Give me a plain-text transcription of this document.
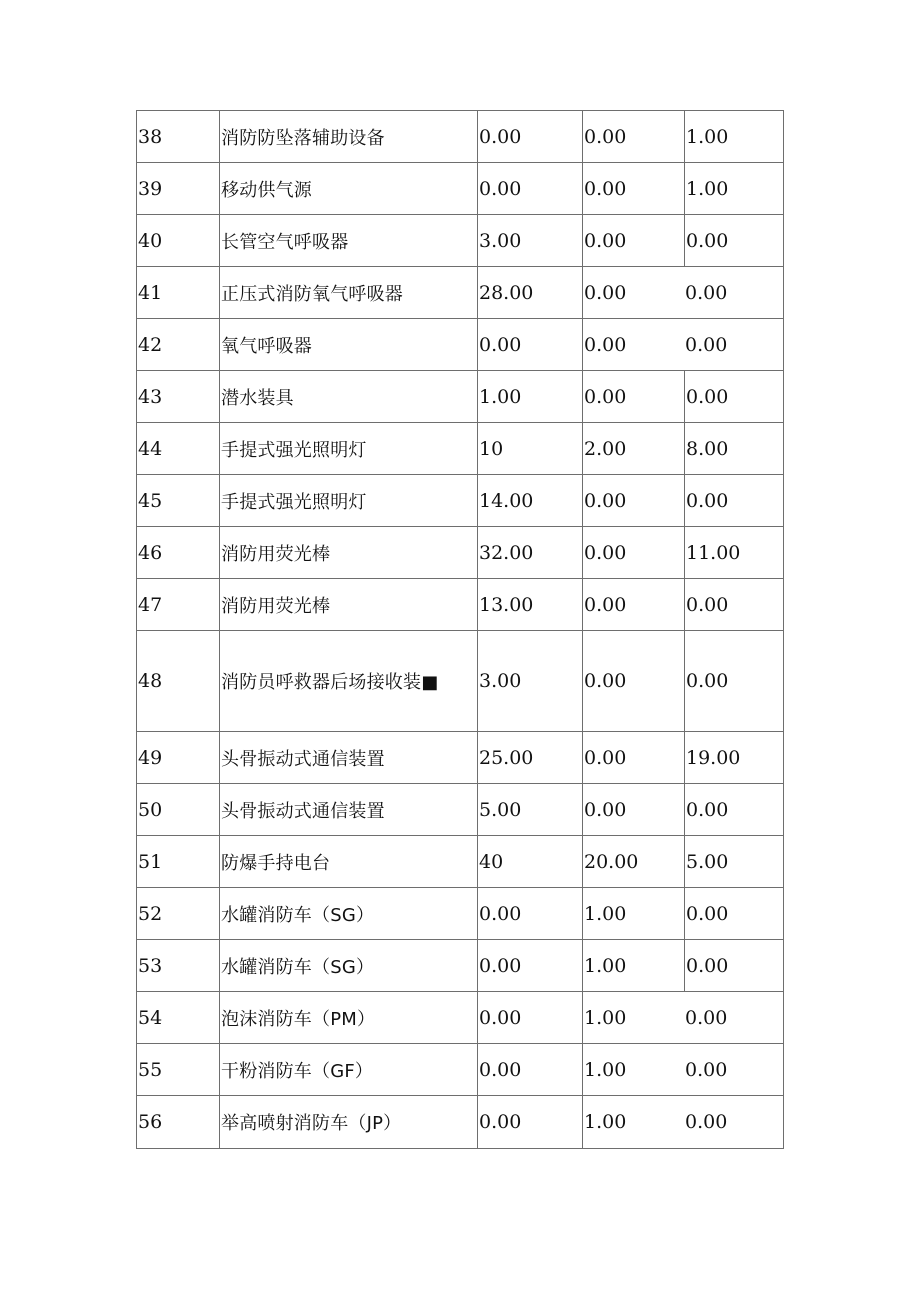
38	消防防坠落辅助设备	0.00	0.00	1.00
39	移动供气源	0.00	0.00	1.00
40	长管空气呼吸器	3.00	0.00	0.00
41	正压式消防氧气呼吸器	28.00	0.00	0.00
42	氧气呼吸器	0.00	0.00	0.00
43	潜水装具	1.00	0.00	0.00
44	手提式强光照明灯	10	2.00	8.00
45	手提式强光照明灯	14.00	0.00	0.00
46	消防用荧光棒	32.00	0.00	11.00
47	消防用荧光棒	13.00	0.00	0.00
48	消防员呼救器后场接收装■	3.00	0.00	0.00
49	头骨振动式通信装置	25.00	0.00	19.00
50	头骨振动式通信装置	5.00	0.00	0.00
51	防爆手持电台	40	20.00	5.00
52	水罐消防车（SG）	0.00	1.00	0.00
53	水罐消防车（SG）	0.00	1.00	0.00
54	泡沫消防车（PM）	0.00	1.00	0.00
55	干粉消防车（GF）	0.00	1.00	0.00
56	举高喷射消防车（JP）	0.00	1.00	0.00
